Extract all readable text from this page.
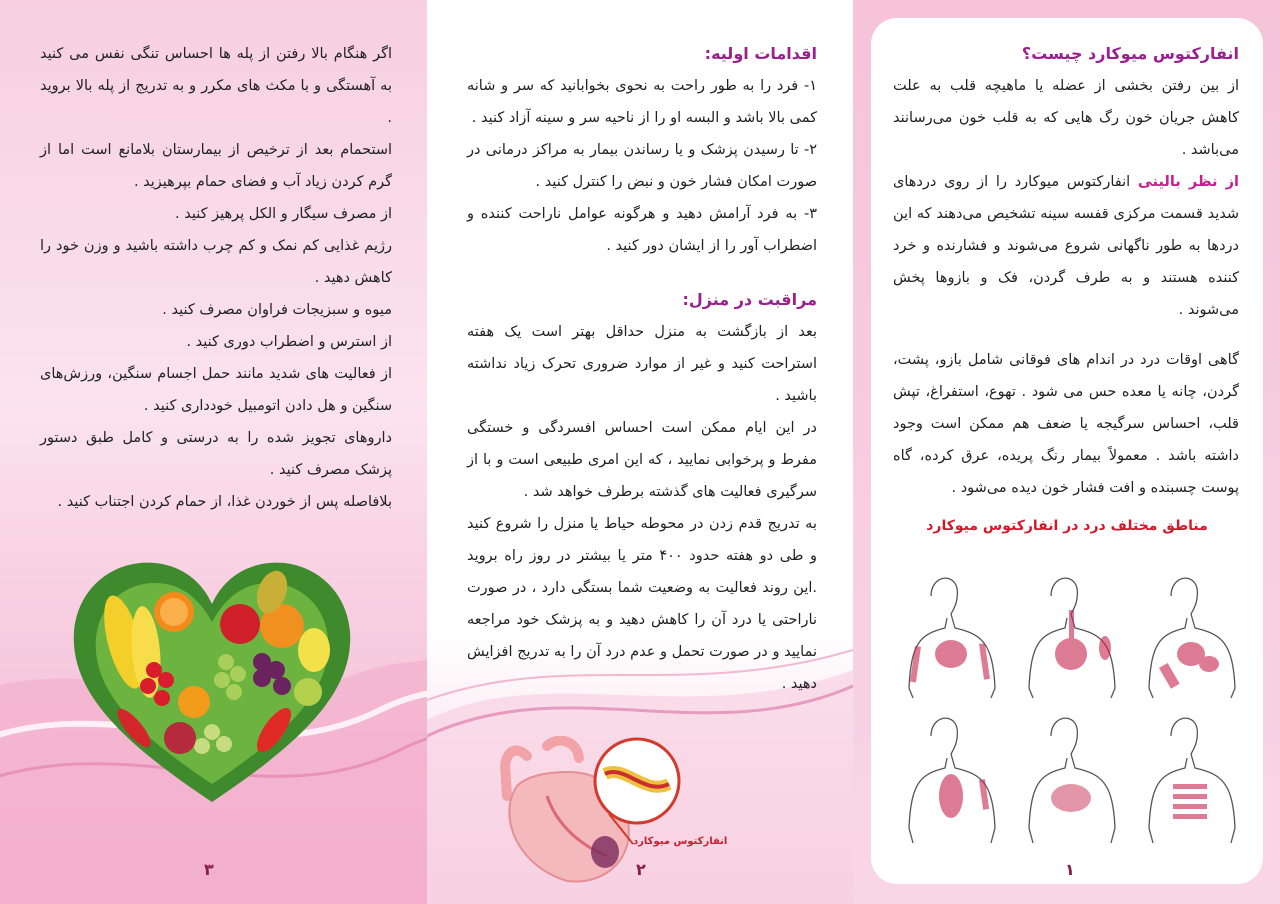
اگر هنگام بالا رفتن از پله ها احساس تنگی نفس می کنید به آهستگی و با مکث های مکرر و به تدریج از پله بالا بروید .

استحمام بعد از ترخیص از بیمارستان بلامانع است اما از گرم کردن زیاد آب و فضای حمام بپرهیزید .

از مصرف سیگار و الکل پرهیز کنید .

رژیم غذایی کم نمک و کم چرب داشته باشید و وزن خود را کاهش دهید .

میوه و سبزیجات فراوان مصرف کنید .

از استرس و اضطراب دوری کنید .

از فعالیت های شدید مانند حمل اجسام سنگین، ورزش‌های سنگین و هل دادن اتومبیل خودداری کنید .

داروهای تجویز شده را به درستی و کامل طبق دستور پزشک مصرف کنید .

بلافاصله پس از خوردن غذا، از حمام کردن اجتناب کنید .

۳

اقدامات اولیه:

۱- فرد را به طور راحت به نحوی بخوابانید که سر و شانه کمی بالا باشد و البسه او را از ناحیه سر و سینه آزاد کنید .

۲- تا رسیدن پزشک و یا رساندن بیمار به مراکز درمانی در صورت امکان فشار خون و نبض را کنترل کنید .

۳- به فرد آرامش دهید و هرگونه عوامل ناراحت کننده و اضطراب آور را از ایشان دور کنید .

مراقبت در منزل:

بعد از بازگشت به منزل حداقل بهتر است یک هفته استراحت کنید و غیر از موارد ضروری تحرک زیاد نداشته باشید .

در این ایام ممکن است احساس افسردگی و خستگی مفرط و پرخوابی نمایید ، که این امری طبیعی است و با از سرگیری فعالیت های گذشته برطرف خواهد شد .

به تدریج قدم زدن در محوطه حیاط یا منزل را شروع کنید و طی دو هفته حدود ۴۰۰ متر یا بیشتر در روز راه بروید .این روند فعالیت به وضعیت شما بستگی دارد ، در صورت ناراحتی یا درد آن را کاهش دهید و به پزشک خود مراجعه نمایید و در صورت تحمل و عدم درد آن را به تدریج افزایش دهید .

انفارکتوس میوکارد
۲

انفارکتوس میوکارد چیست؟

از بین رفتن بخشی از عضله یا ماهیچه قلب به علت کاهش جریان خون رگ هایی که به قلب خون می‌رسانند می‌باشد .

از نظر بالینی انفارکتوس میوکارد را از روی دردهای شدید قسمت مرکزی قفسه سینه تشخیص می‌دهند که این دردها به طور ناگهانی شروع می‌شوند و فشارنده و خرد کننده هستند و به طرف گردن، فک و بازوها پخش می‌شوند .

گاهی اوقات درد در اندام های فوقانی شامل بازو، پشت، گردن، چانه یا معده حس می شود . تهوع، استفراغ، تپش قلب، احساس سرگیجه یا ضعف هم ممکن است وجود داشته باشد . معمولاً بیمار رنگ پریده، عرق کرده، گاه پوست چسبنده و افت فشار خون دیده می‌شود .

مناطق مختلف درد در انفارکتوس میوکارد
۱
